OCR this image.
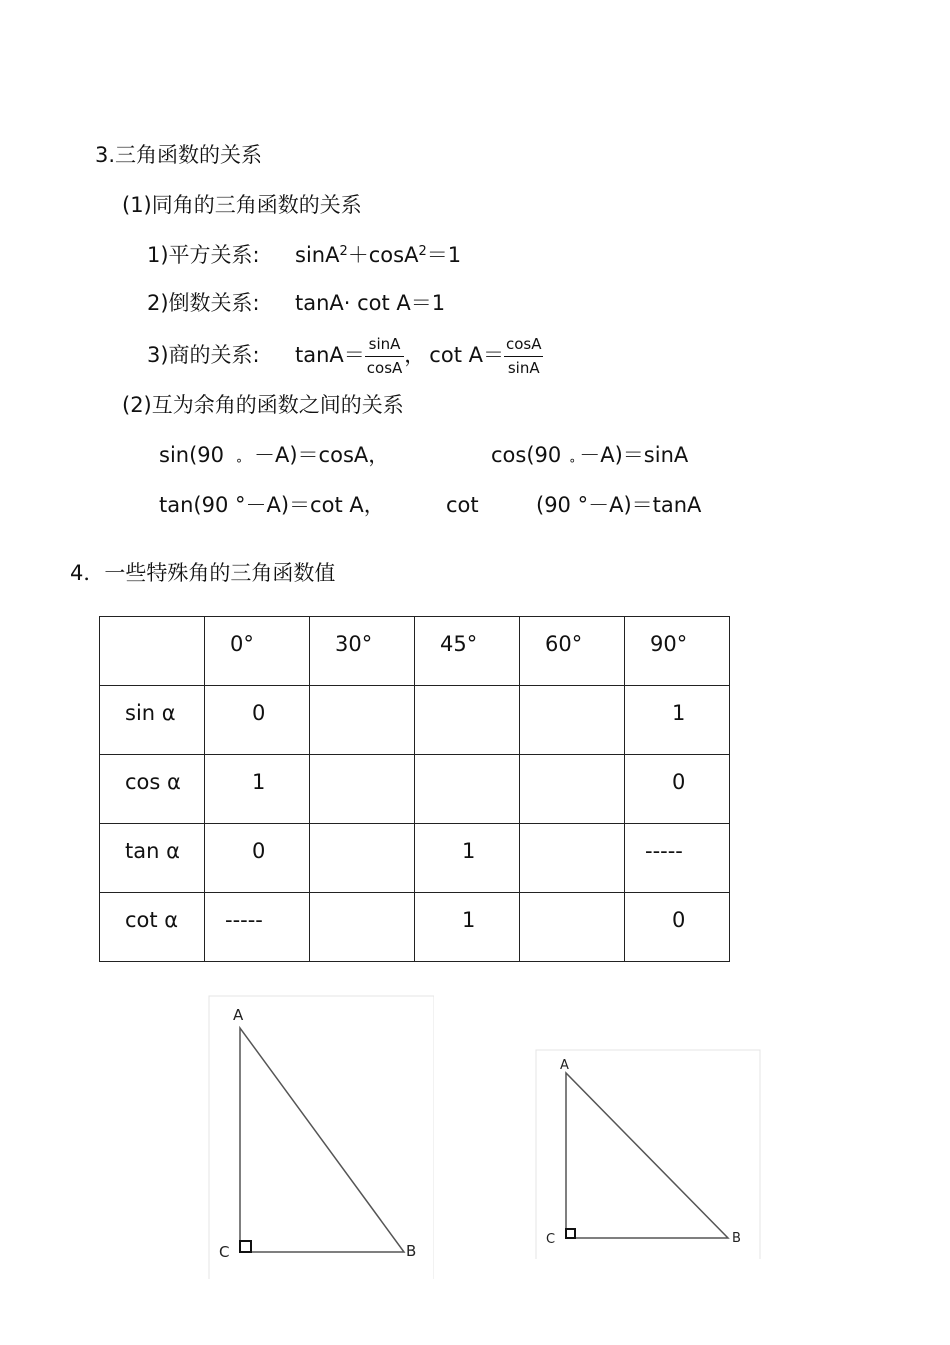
3.三角函数的关系
(1)同角的三角函数的关系
1)平方关系: sinA$^2$＋cosA$^2$＝1
2)倒数关系: tanA· cot A＝1
3)商的关系: $\tan A= \frac{\sin A}{\cos A}$ ， $\cot A= \frac{\cos A}{\sin A}$
(2)互为余角的函数之间的关系
sin(90 ° －A)＝cosA，	cos(90 ° －A)＝sinA
tan(90 °－A)＝cot A，	cot	(90 °－A)＝tanA
4．一些特殊角的三角函数值

	0°	30°	45°	60°	90°

sin α	0				1

cos α	1				0

tan α	0		1		-----

cot α	-----		1		0
A
C	B
A
C	B
